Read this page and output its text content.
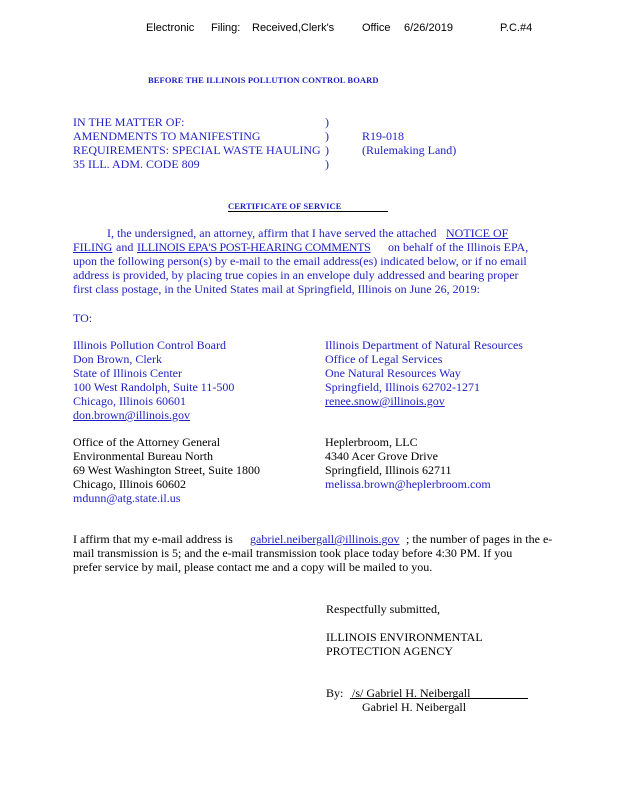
Electronic Filing: Received,Clerk's	Office 6/26/2019	P.C.#4
BEFORE THE ILLINOIS POLLUTION CONTROL BOARD
IN THE MATTER OF:
AMENDMENTS TO MANIFESTING
REQUIREMENTS: SPECIAL WASTE HAULING
35 ILL. ADM. CODE 809
)
)
)
)
R19-018
(Rulemaking Land)
CERTIFICATE OF SERVICE
I, the undersigned, an attorney, affirm that I have served the attached NOTICE OF
FILING and ILLINOIS EPA'S POST-HEARING COMMENTS on behalf of the Illinois EPA,
upon the following person(s) by e-mail to the email address(es) indicated below, or if no email
address is provided, by placing true copies in an envelope duly addressed and bearing proper
first class postage, in the United States mail at Springfield, Illinois on June 26, 2019:
TO:
Illinois Pollution Control Board
Don Brown, Clerk
State of Illinois Center
100 West Randolph, Suite 11-500
Chicago, Illinois 60601
don.brown@illinois.gov
Illinois Department of Natural Resources
Office of Legal Services
One Natural Resources Way
Springfield, Illinois 62702-1271
renee.snow@illinois.gov
Office of the Attorney General
Environmental Bureau North
69 West Washington Street, Suite 1800
Chicago, Illinois 60602
mdunn@atg.state.il.us
Heplerbroom, LLC
4340 Acer Grove Drive
Springfield, Illinois 62711
melissa.brown@heplerbroom.com
I affirm that my e-mail address is gabriel.neibergall@illinois.gov ; the number of pages in the e-
mail transmission is 5; and the e-mail transmission took place today before 4:30 PM. If you
prefer service by mail, please contact me and a copy will be mailed to you.
Respectfully submitted,
ILLINOIS ENVIRONMENTAL
PROTECTION AGENCY
By: /s/ Gabriel H. Neibergall
Gabriel H. Neibergall
